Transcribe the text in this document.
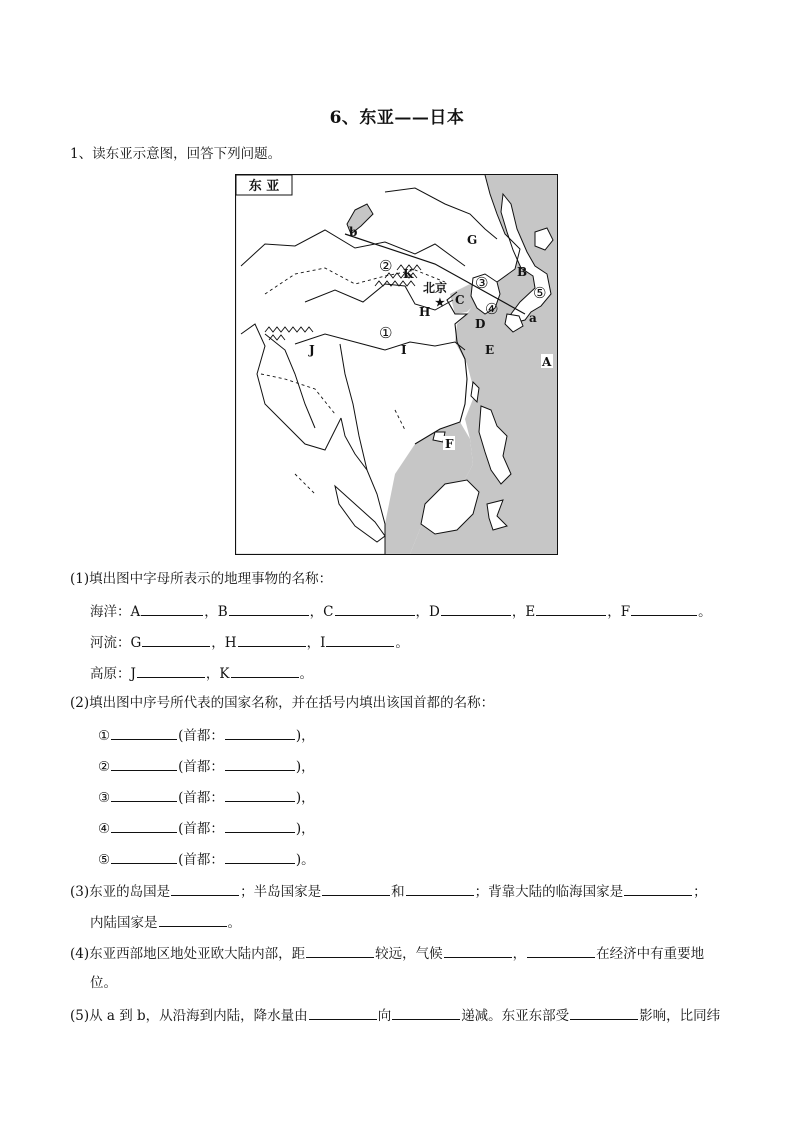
6、东亚——日本
1、读东亚示意图，回答下列问题。
东 亚
★
北京
A
B
C
D
E
F
G
H
I
J
K
a
b
①
②
③
④
⑤
(1)填出图中字母所表示的地理事物的名称：
海洋：A	，B	，C	，D	，E	，F	。
河流：G	，H	，I	。
高原：J	，K	。
(2)填出图中序号所代表的国家名称，并在括号内填出该国首都的名称：
①	(首都：	)，
②	(首都：	)，
③	(首都：	)，
④	(首都：	)，
⑤	(首都：	)。
(3)东亚的岛国是	；半岛国家是	和	；背靠大陆的临海国家是	；
内陆国家是	。
(4)东亚西部地区地处亚欧大陆内部，距	较远，气候	，	在经济中有重要地
位。
(5)从 a 到 b，从沿海到内陆，降水量由	向	递减。东亚东部受	影响，比同纬
